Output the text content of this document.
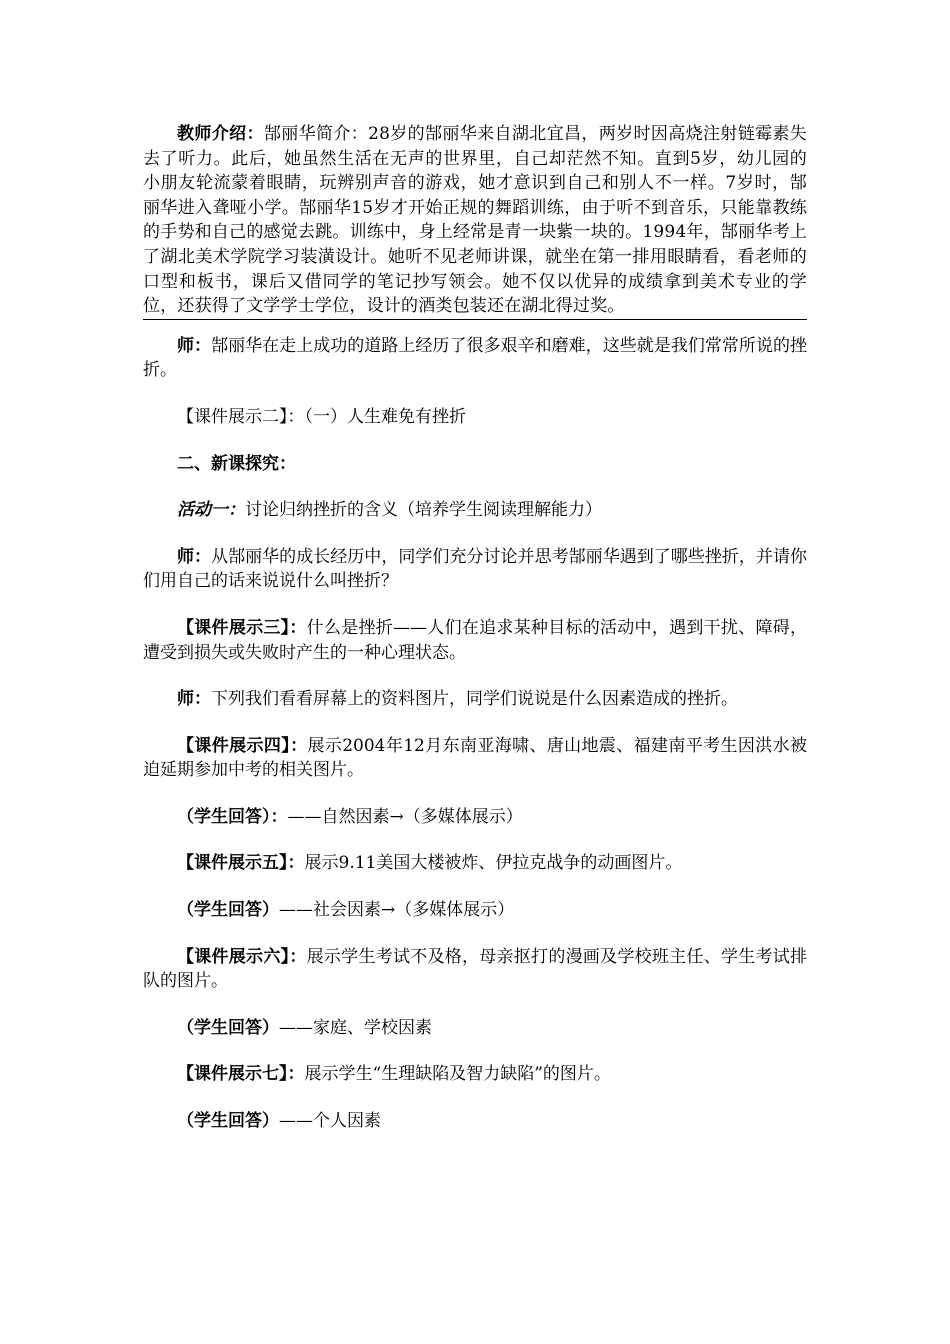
教师介绍：郜丽华简介：28岁的郜丽华来自湖北宜昌，两岁时因高烧注射链霉素失去了听力。此后，她虽然生活在无声的世界里，自己却茫然不知。直到5岁，幼儿园的小朋友轮流蒙着眼睛，玩辨别声音的游戏，她才意识到自己和别人不一样。7岁时，郜丽华进入聋哑小学。郜丽华15岁才开始正规的舞蹈训练，由于听不到音乐，只能靠教练的手势和自己的感觉去跳。训练中，身上经常是青一块紫一块的。1994年，郜丽华考上了湖北美术学院学习装潢设计。她听不见老师讲课，就坐在第一排用眼睛看，看老师的口型和板书，课后又借同学的笔记抄写领会。她不仅以优异的成绩拿到美术专业的学位，还获得了文学学士学位，设计的酒类包装还在湖北得过奖。

师：郜丽华在走上成功的道路上经历了很多艰辛和磨难，这些就是我们常常所说的挫折。

【课件展示二】：（一）人生难免有挫折

二、新课探究：

活动一：讨论归纳挫折的含义（培养学生阅读理解能力）

师：从郜丽华的成长经历中，同学们充分讨论并思考郜丽华遇到了哪些挫折，并请你们用自己的话来说说什么叫挫折？

【课件展示三】：什么是挫折——人们在追求某种目标的活动中，遇到干扰、障碍，遭受到损失或失败时产生的一种心理状态。

师：下列我们看看屏幕上的资料图片，同学们说说是什么因素造成的挫折。

【课件展示四】：展示2004年12月东南亚海啸、唐山地震、福建南平考生因洪水被迫延期参加中考的相关图片。

（学生回答）：——自然因素→（多媒体展示）

【课件展示五】：展示9.11美国大楼被炸、伊拉克战争的动画图片。

（学生回答）——社会因素→（多媒体展示）

【课件展示六】：展示学生考试不及格，母亲抠打的漫画及学校班主任、学生考试排队的图片。

（学生回答）——家庭、学校因素

【课件展示七】：展示学生“生理缺陷及智力缺陷”的图片。

（学生回答）——个人因素
